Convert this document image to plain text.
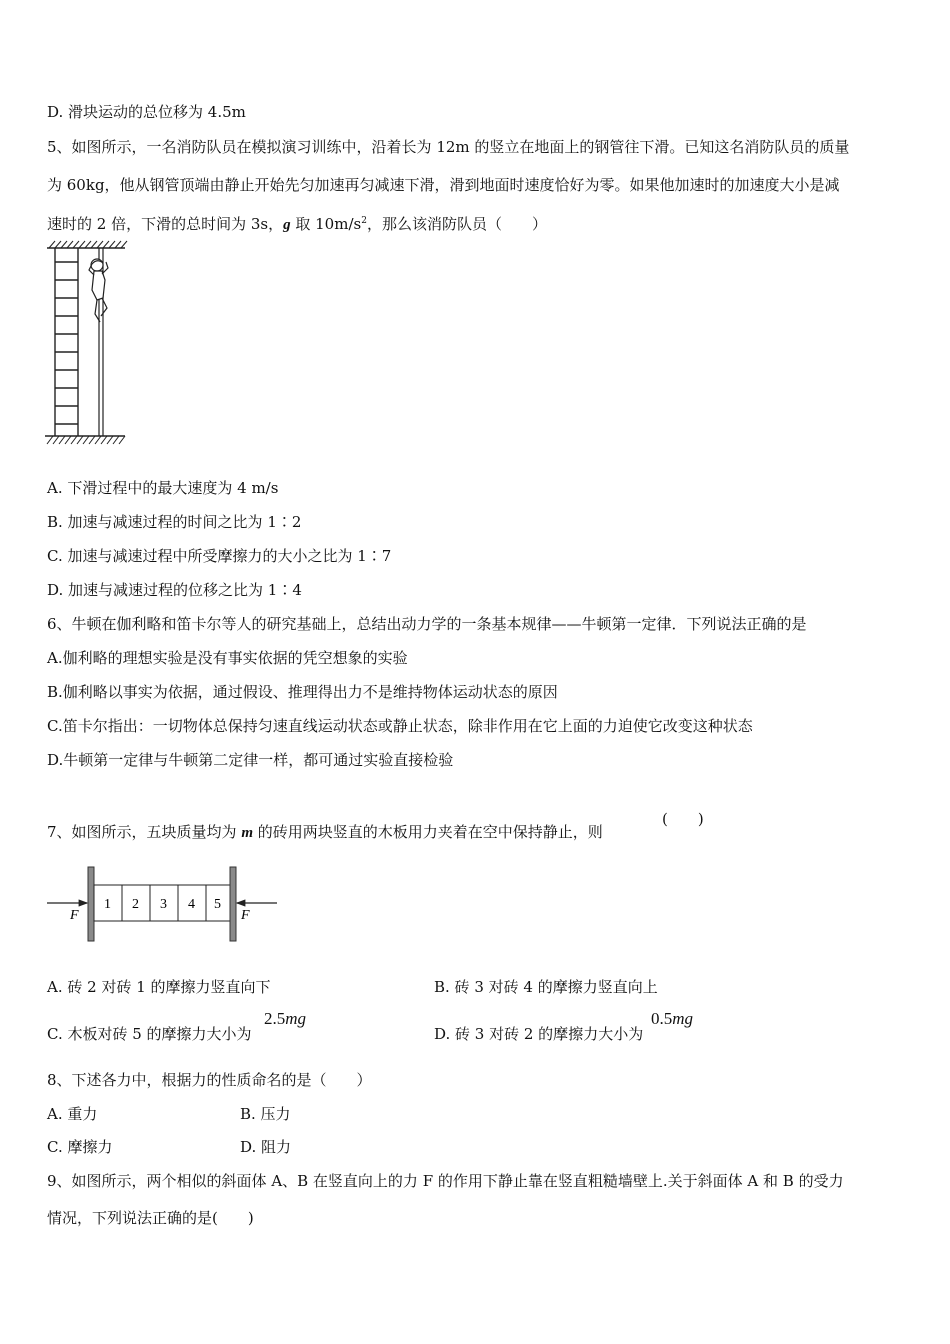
D. 滑块运动的总位移为 4.5m
5、如图所示，一名消防队员在模拟演习训练中，沿着长为 12m 的竖立在地面上的钢管往下滑。已知这名消防队员的质量
为 60kg，他从钢管顶端由静止开始先匀加速再匀减速下滑，滑到地面时速度恰好为零。如果他加速时的加速度大小是减
速时的 2 倍，下滑的总时间为 3s，g 取 $10m/s^2$，那么该消防队员（　　）
A. 下滑过程中的最大速度为 4 m/s
B. 加速与减速过程的时间之比为 1∶2
C. 加速与减速过程中所受摩擦力的大小之比为 1∶7
D. 加速与减速过程的位移之比为 1∶4
6、牛顿在伽利略和笛卡尔等人的研究基础上，总结出动力学的一条基本规律——牛顿第一定律．下列说法正确的是
A.伽利略的理想实验是没有事实依据的凭空想象的实验
B.伽利略以事实为依据，通过假设、推理得出力不是维持物体运动状态的原因
C.笛卡尔指出：一切物体总保持匀速直线运动状态或静止状态，除非作用在它上面的力迫使它改变这种状态
D.牛顿第一定律与牛顿第二定律一样，都可通过实验直接检验
7、如图所示，五块质量均为 m 的砖用两块竖直的木板用力夹着在空中保持静止，则
(　　)
F
1 2 3 4 5
F
A. 砖 2 对砖 1 的摩擦力竖直向下	B. 砖 3 对砖 4 的摩擦力竖直向上
C. 木板对砖 5 的摩擦力大小为
2.5mg
D. 砖 3 对砖 2 的摩擦力大小为
0.5mg
8、下述各力中，根据力的性质命名的是（　　）
A. 重力	B. 压力
C. 摩擦力	D. 阻力
9、如图所示，两个相似的斜面体 A、B 在竖直向上的力 F 的作用下静止靠在竖直粗糙墙壁上.关于斜面体 A 和 B 的受力
情况，下列说法正确的是(　　)
